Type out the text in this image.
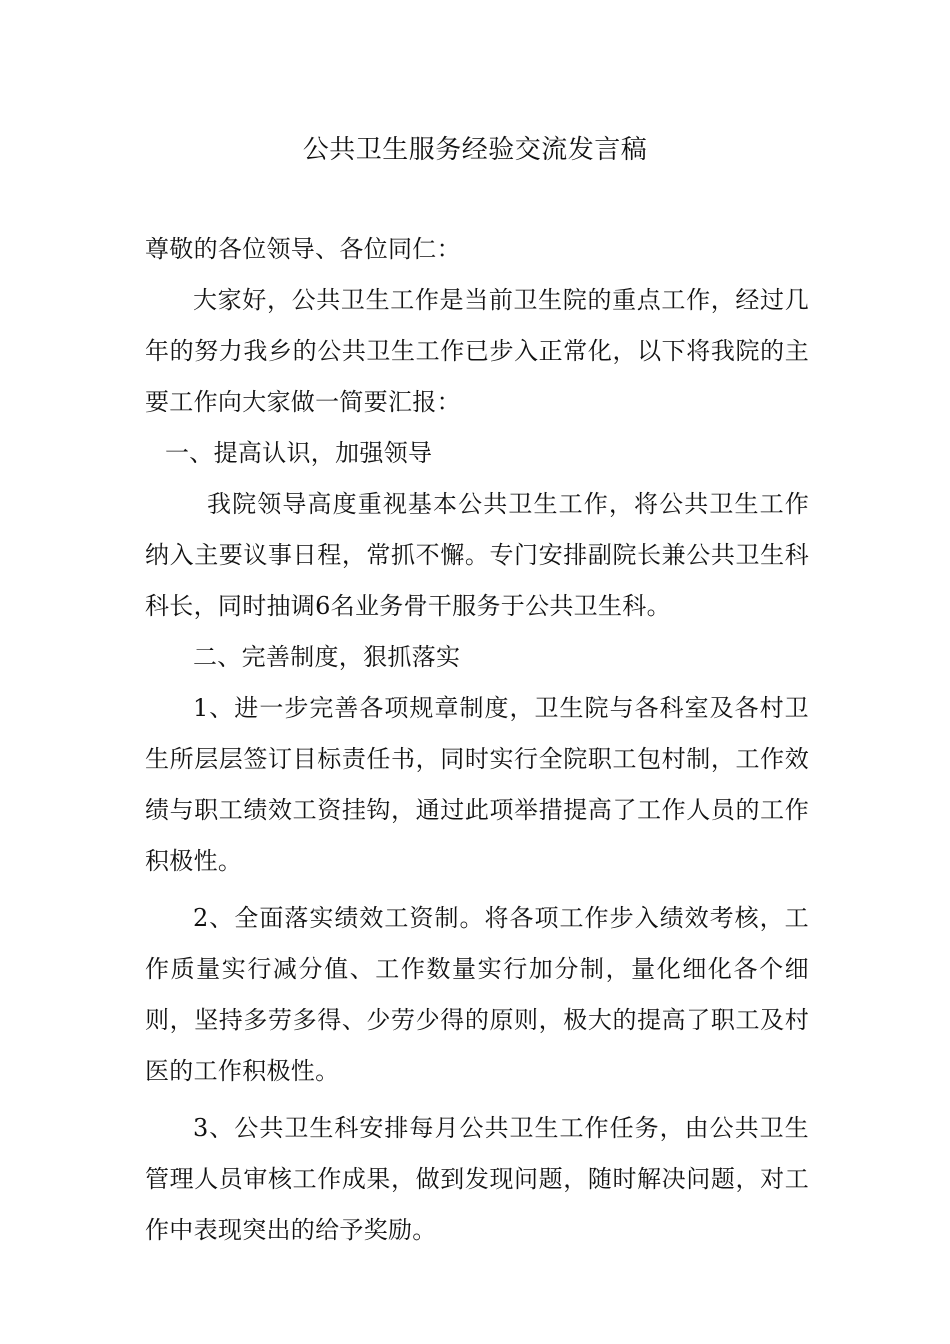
公共卫生服务经验交流发言稿

尊敬的各位领导、各位同仁：

大家好，公共卫生工作是当前卫生院的重点工作，经过几年的努力我乡的公共卫生工作已步入正常化，以下将我院的主要工作向大家做一简要汇报：

一、提高认识，加强领导

我院领导高度重视基本公共卫生工作，将公共卫生工作纳入主要议事日程，常抓不懈。专门安排副院长兼公共卫生科科长，同时抽调6名业务骨干服务于公共卫生科。

二、完善制度，狠抓落实

1、进一步完善各项规章制度，卫生院与各科室及各村卫生所层层签订目标责任书，同时实行全院职工包村制，工作效绩与职工绩效工资挂钩，通过此项举措提高了工作人员的工作积极性。

2、全面落实绩效工资制。将各项工作步入绩效考核，工作质量实行减分值、工作数量实行加分制，量化细化各个细则，坚持多劳多得、少劳少得的原则，极大的提高了职工及村医的工作积极性。

3、公共卫生科安排每月公共卫生工作任务，由公共卫生管理人员审核工作成果，做到发现问题，随时解决问题，对工作中表现突出的给予奖励。
